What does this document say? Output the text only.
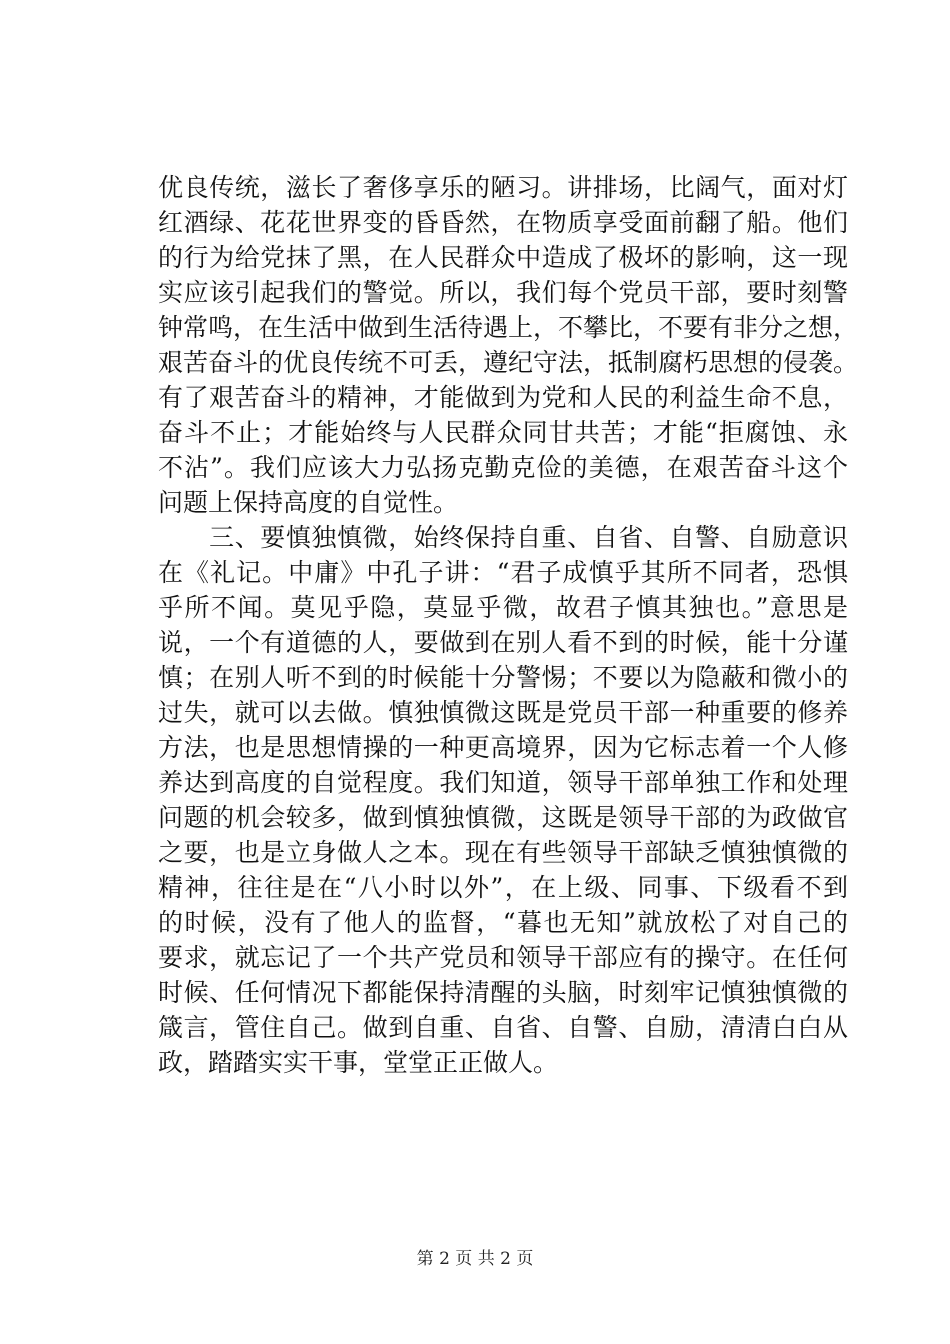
优良传统，滋长了奢侈享乐的陋习。讲排场，比阔气，面对灯
红酒绿、花花世界变的昏昏然，在物质享受面前翻了船。他们
的行为给党抹了黑，在人民群众中造成了极坏的影响，这一现
实应该引起我们的警觉。所以，我们每个党员干部，要时刻警
钟常鸣，在生活中做到生活待遇上，不攀比，不要有非分之想，
艰苦奋斗的优良传统不可丢，遵纪守法，抵制腐朽思想的侵袭。
有了艰苦奋斗的精神，才能做到为党和人民的利益生命不息，
奋斗不止；才能始终与人民群众同甘共苦；才能“拒腐蚀、永
不沾”。我们应该大力弘扬克勤克俭的美德，在艰苦奋斗这个
问题上保持高度的自觉性。
　　三、要慎独慎微，始终保持自重、自省、自警、自励意识
在《礼记。中庸》中孔子讲：“君子成慎乎其所不同者，恐惧
乎所不闻。莫见乎隐，莫显乎微，故君子慎其独也。”意思是
说，一个有道德的人，要做到在别人看不到的时候，能十分谨
慎；在别人听不到的时候能十分警惕；不要以为隐蔽和微小的
过失，就可以去做。慎独慎微这既是党员干部一种重要的修养
方法，也是思想情操的一种更高境界，因为它标志着一个人修
养达到高度的自觉程度。我们知道，领导干部单独工作和处理
问题的机会较多，做到慎独慎微，这既是领导干部的为政做官
之要，也是立身做人之本。现在有些领导干部缺乏慎独慎微的
精神，往往是在“八小时以外”，在上级、同事、下级看不到
的时候，没有了他人的监督，“暮也无知”就放松了对自己的
要求，就忘记了一个共产党员和领导干部应有的操守。在任何
时候、任何情况下都能保持清醒的头脑，时刻牢记慎独慎微的
箴言，管住自己。做到自重、自省、自警、自励，清清白白从
政，踏踏实实干事，堂堂正正做人。
第 2 页 共 2 页
